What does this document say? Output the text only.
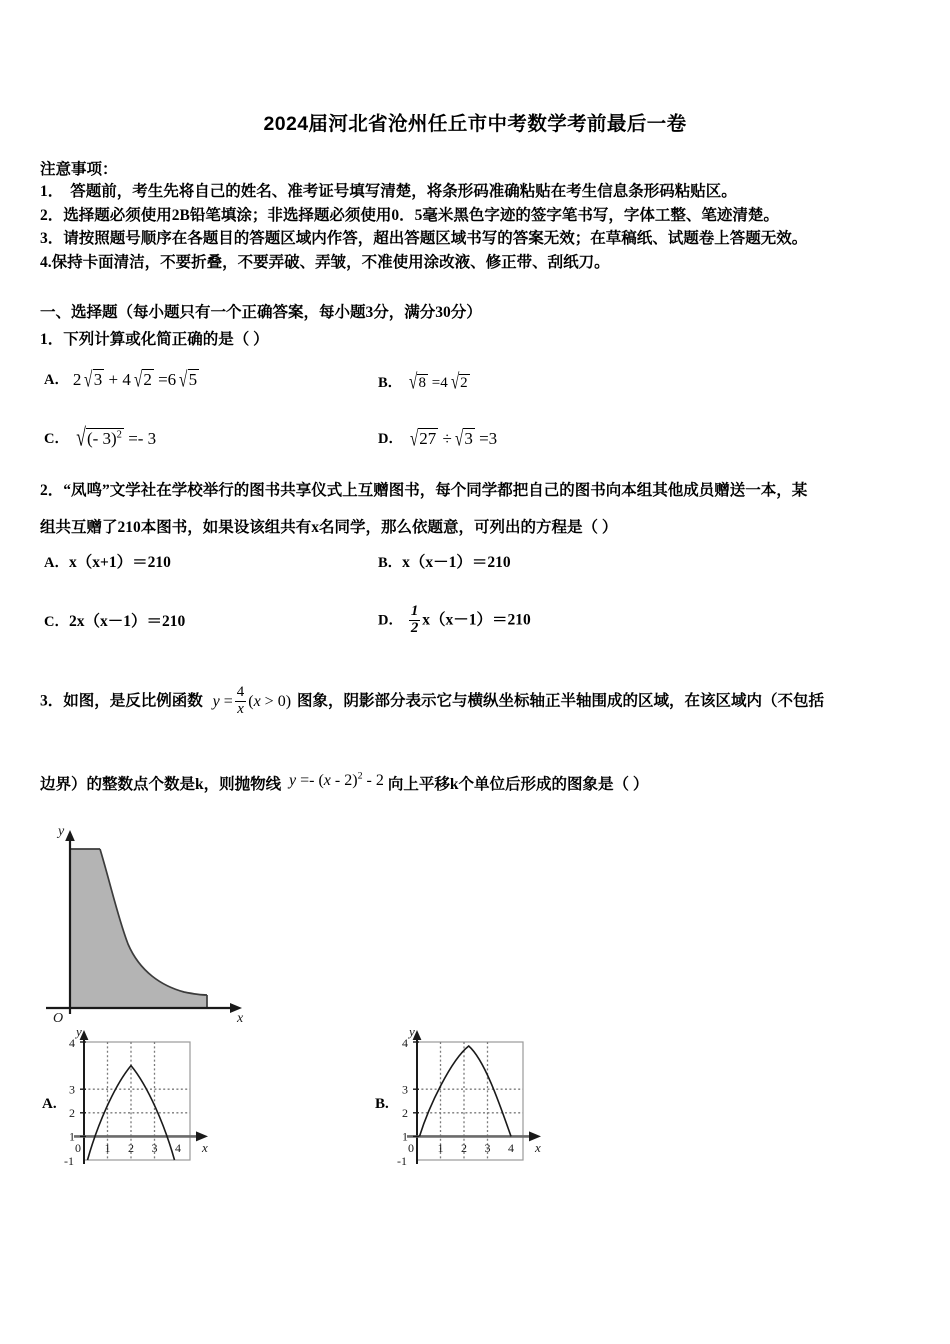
2024届河北省沧州任丘市中考数学考前最后一卷
注意事项：
1． 答题前，考生先将自己的姓名、准考证号填写清楚，将条形码准确粘贴在考生信息条形码粘贴区。
2．选择题必须使用2B铅笔填涂；非选择题必须使用0．5毫米黑色字迹的签字笔书写，字体工整、笔迹清楚。
3．请按照题号顺序在各题目的答题区域内作答，超出答题区域书写的答案无效；在草稿纸、试题卷上答题无效。
4.保持卡面清洁，不要折叠，不要弄破、弄皱，不准使用涂改液、修正带、刮纸刀。
一、选择题（每小题只有一个正确答案，每小题3分，满分30分）
1．下列计算或化简正确的是（ ）
A． 2 √3 + 4 √2 =6 √5	B． √8 =4 √2
C． √(‑ 3)$^2$ =‑ 3	D． √27 ÷ √3 =3
2．“凤鸣”文学社在学校举行的图书共享仪式上互赠图书，每个同学都把自己的图书向本组其他成员赠送一本，某
组共互赠了210本图书，如果设该组共有x名同学，那么依题意，可列出的方程是（ ）
A．x（x+1）＝210	B．x（x－1）＝210
C．2x（x－1）＝210	D． $\frac{1}{2} x(x-1)=210$
3．如图，是反比例函数 $y = \frac{4}{x} (x > 0)$ 图象，阴影部分表示它与横纵坐标轴正半轴围成的区域，在该区域内（不包括
边界）的整数点个数是k，则抛物线 y =‑ (x ‑ 2)$^2$ ‑ 2向上平移k个单位后形成的图象是（ ）
y
x
O
A.
4
3
2
1
-1
0 1 2 3 4
y
x
B.
4
3
2
1
-1
0 1 2 3 4
y
x
